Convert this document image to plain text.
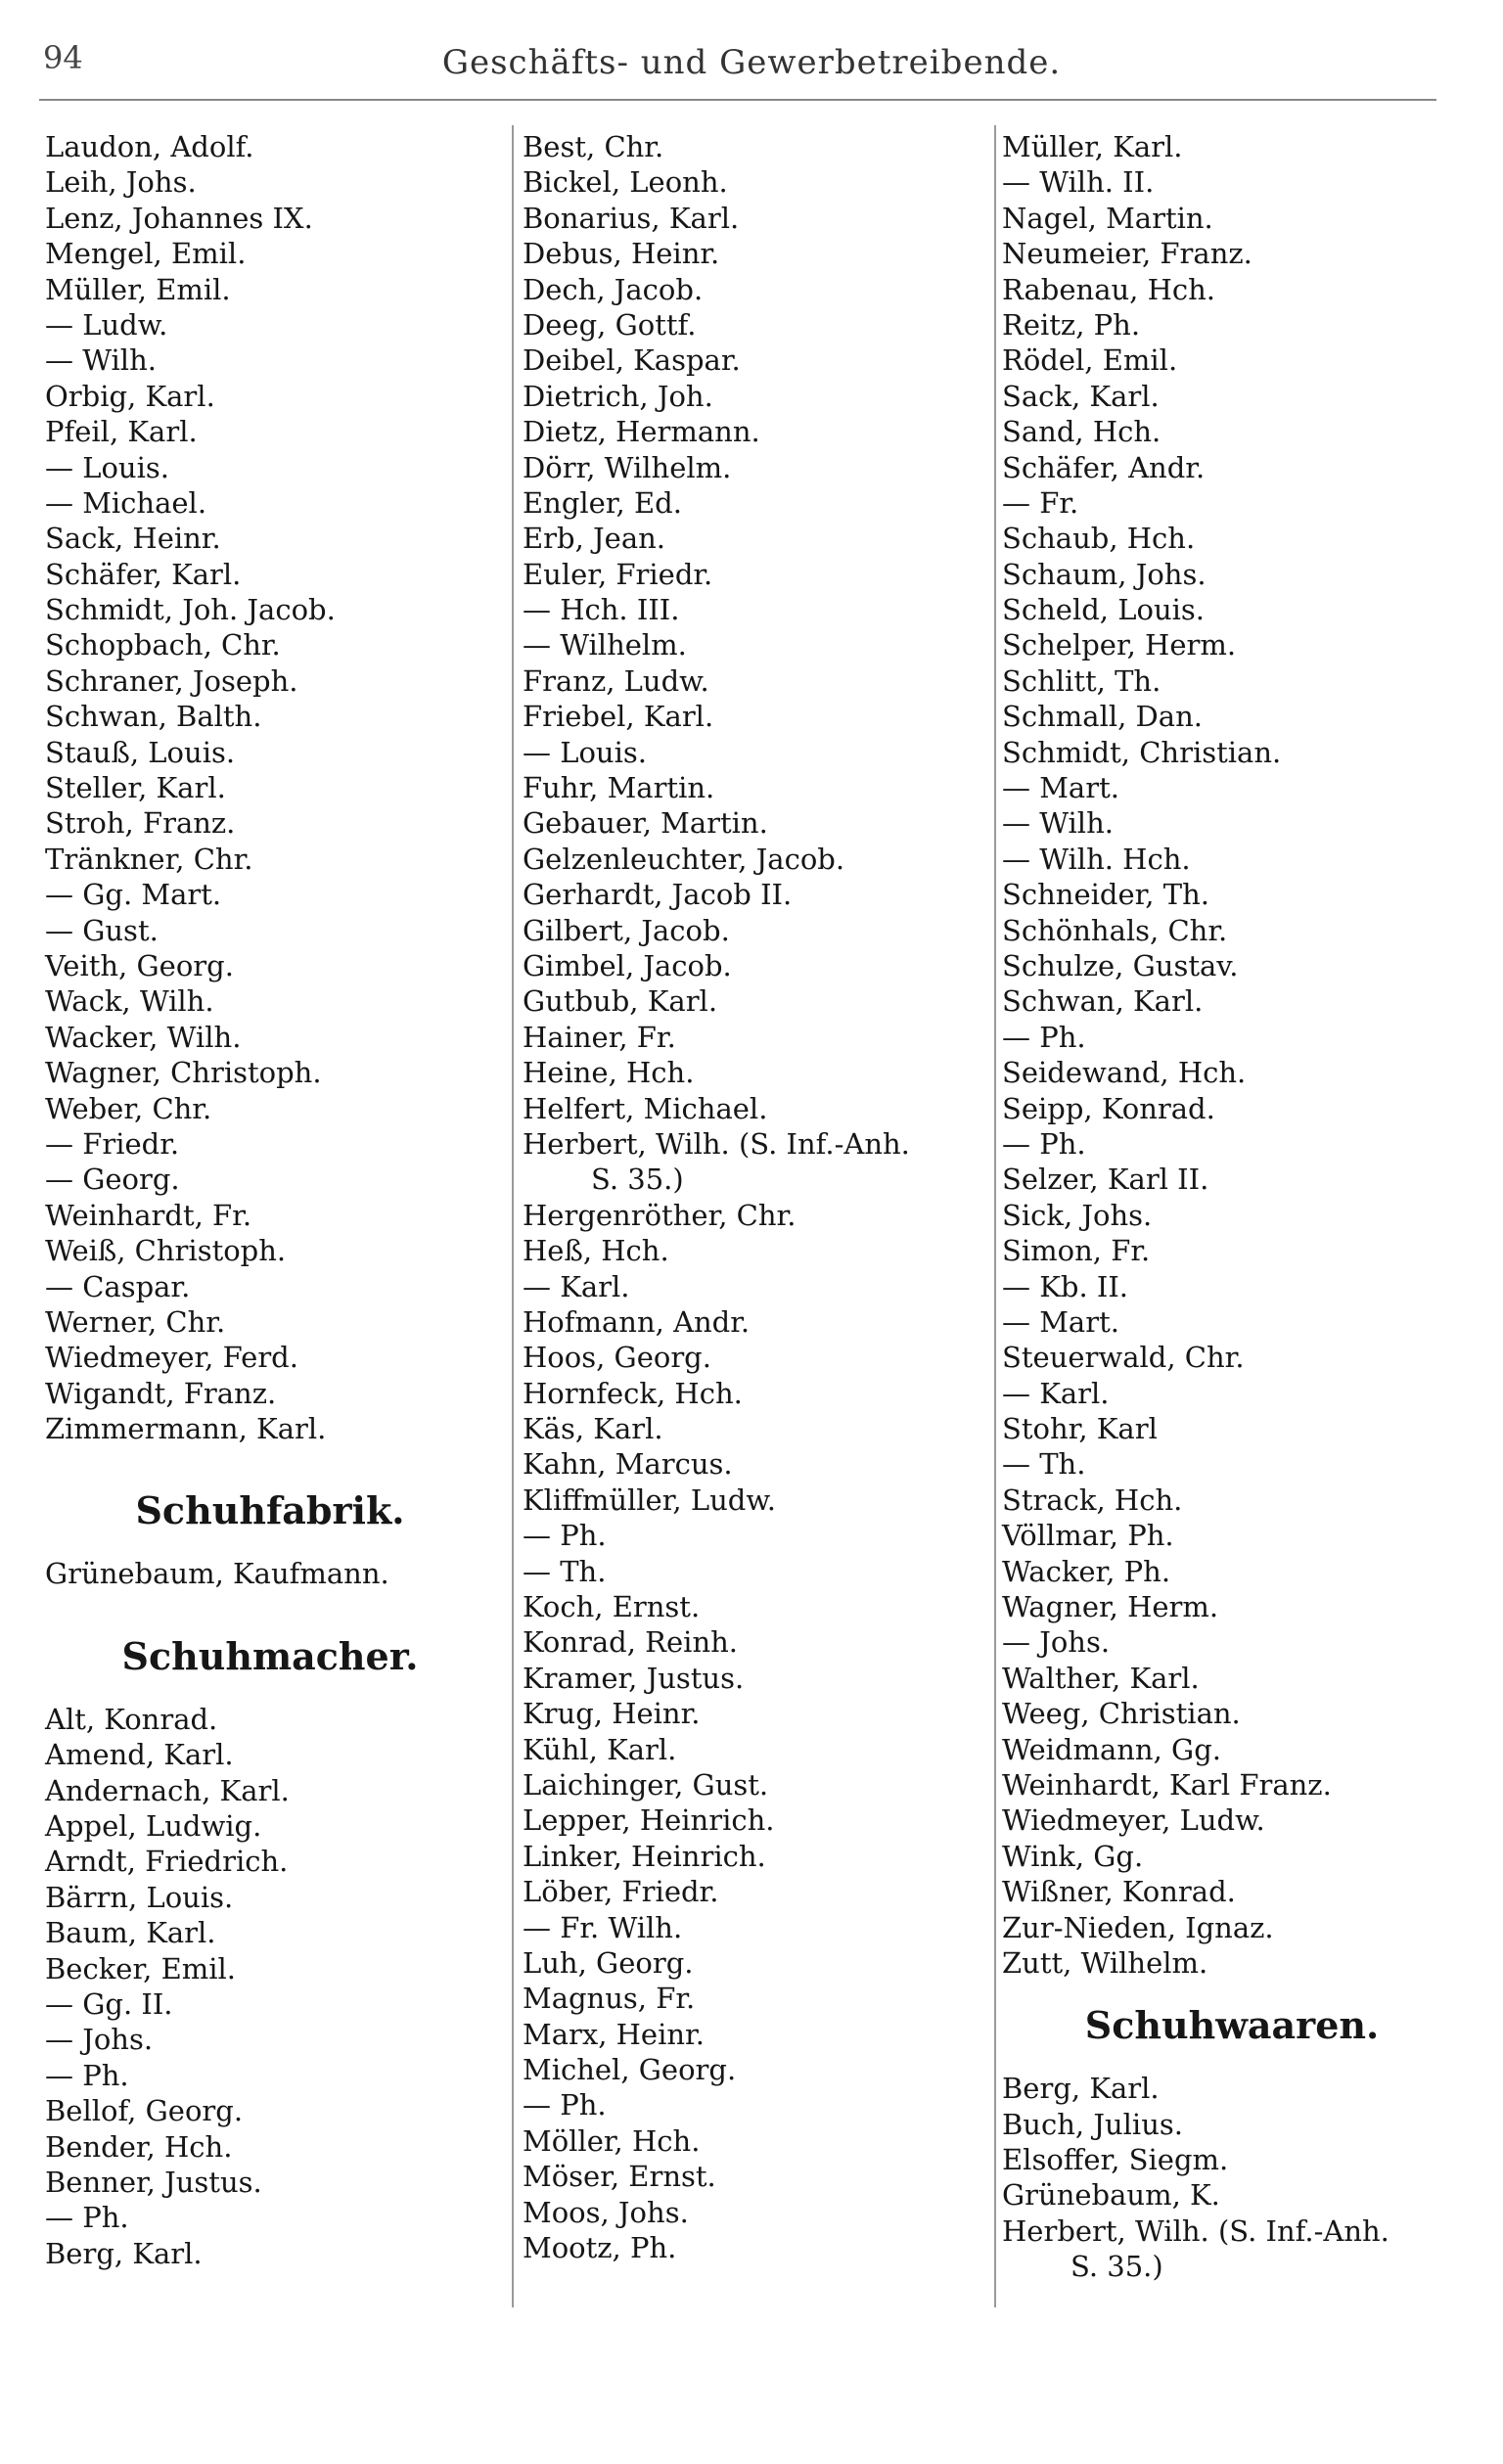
94	Geschäfts- und Gewerbetreibende.
Laudon, Adolf.
Leih, Johs.
Lenz, Johannes IX.
Mengel, Emil.
Müller, Emil.
— Ludw.
— Wilh.
Orbig, Karl.
Pfeil, Karl.
— Louis.
— Michael.
Sack, Heinr.
Schäfer, Karl.
Schmidt, Joh. Jacob.
Schopbach, Chr.
Schraner, Joseph.
Schwan, Balth.
Stauß, Louis.
Steller, Karl.
Stroh, Franz.
Tränkner, Chr.
— Gg. Mart.
— Gust.
Veith, Georg.
Wack, Wilh.
Wacker, Wilh.
Wagner, Christoph.
Weber, Chr.
— Friedr.
— Georg.
Weinhardt, Fr.
Weiß, Christoph.
— Caspar.
Werner, Chr.
Wiedmeyer, Ferd.
Wigandt, Franz.
Zimmermann, Karl.
Schuhfabrik.
Grünebaum, Kaufmann.
Schuhmacher.
Alt, Konrad.
Amend, Karl.
Andernach, Karl.
Appel, Ludwig.
Arndt, Friedrich.
Bärrn, Louis.
Baum, Karl.
Becker, Emil.
— Gg. II.
— Johs.
— Ph.
Bellof, Georg.
Bender, Hch.
Benner, Justus.
— Ph.
Berg, Karl.
Best, Chr.
Bickel, Leonh.
Bonarius, Karl.
Debus, Heinr.
Dech, Jacob.
Deeg, Gottf.
Deibel, Kaspar.
Dietrich, Joh.
Dietz, Hermann.
Dörr, Wilhelm.
Engler, Ed.
Erb, Jean.
Euler, Friedr.
— Hch. III.
— Wilhelm.
Franz, Ludw.
Friebel, Karl.
— Louis.
Fuhr, Martin.
Gebauer, Martin.
Gelzenleuchter, Jacob.
Gerhardt, Jacob II.
Gilbert, Jacob.
Gimbel, Jacob.
Gutbub, Karl.
Hainer, Fr.
Heine, Hch.
Helfert, Michael.
Herbert, Wilh. (S. Inf.-Anh.
S. 35.)
Hergenröther, Chr.
Heß, Hch.
— Karl.
Hofmann, Andr.
Hoos, Georg.
Hornfeck, Hch.
Käs, Karl.
Kahn, Marcus.
Kliffmüller, Ludw.
— Ph.
— Th.
Koch, Ernst.
Konrad, Reinh.
Kramer, Justus.
Krug, Heinr.
Kühl, Karl.
Laichinger, Gust.
Lepper, Heinrich.
Linker, Heinrich.
Löber, Friedr.
— Fr. Wilh.
Luh, Georg.
Magnus, Fr.
Marx, Heinr.
Michel, Georg.
— Ph.
Möller, Hch.
Möser, Ernst.
Moos, Johs.
Mootz, Ph.
Müller, Karl.
— Wilh. II.
Nagel, Martin.
Neumeier, Franz.
Rabenau, Hch.
Reitz, Ph.
Rödel, Emil.
Sack, Karl.
Sand, Hch.
Schäfer, Andr.
— Fr.
Schaub, Hch.
Schaum, Johs.
Scheld, Louis.
Schelper, Herm.
Schlitt, Th.
Schmall, Dan.
Schmidt, Christian.
— Mart.
— Wilh.
— Wilh. Hch.
Schneider, Th.
Schönhals, Chr.
Schulze, Gustav.
Schwan, Karl.
— Ph.
Seidewand, Hch.
Seipp, Konrad.
— Ph.
Selzer, Karl II.
Sick, Johs.
Simon, Fr.
— Kb. II.
— Mart.
Steuerwald, Chr.
— Karl.
Stohr, Karl
— Th.
Strack, Hch.
Völlmar, Ph.
Wacker, Ph.
Wagner, Herm.
— Johs.
Walther, Karl.
Weeg, Christian.
Weidmann, Gg.
Weinhardt, Karl Franz.
Wiedmeyer, Ludw.
Wink, Gg.
Wißner, Konrad.
Zur-Nieden, Ignaz.
Zutt, Wilhelm.
Schuhwaaren.
Berg, Karl.
Buch, Julius.
Elsoffer, Siegm.
Grünebaum, K.
Herbert, Wilh. (S. Inf.-Anh.
S. 35.)
